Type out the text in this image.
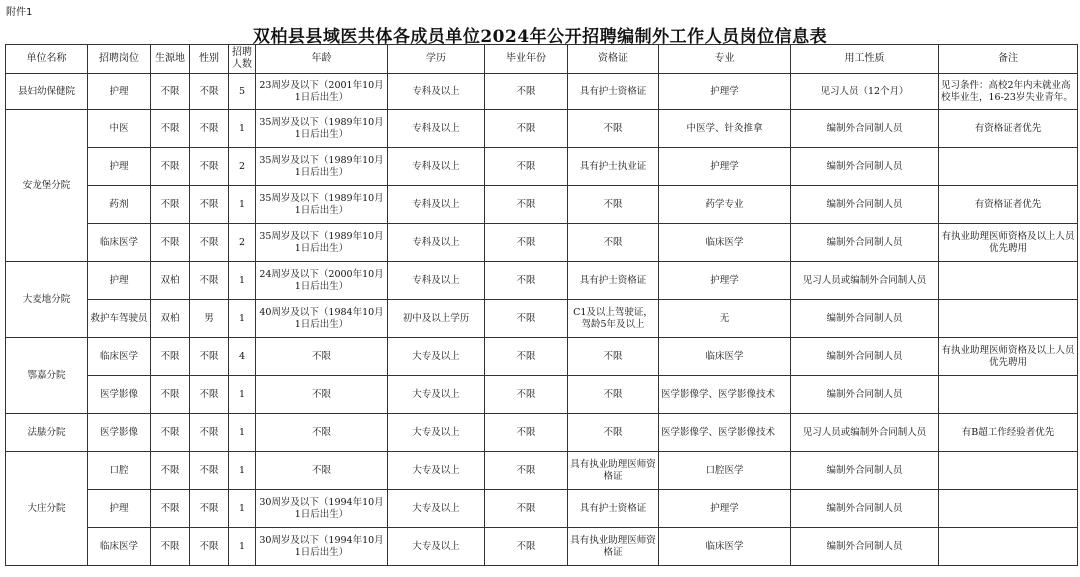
附件1
双柏县县域医共体各成员单位2024年公开招聘编制外工作人员岗位信息表
单位名称	招聘岗位	生源地	性别	招聘人数	年龄	学历	毕业年份	资格证	专业	用工性质	备注
县妇幼保健院	护理	不限	不限	5	23周岁及以下（2001年10月1日后出生）	专科及以上	不限	具有护士资格证	护理学	见习人员（12个月）	见习条件：高校2年内未就业高校毕业生，16-23岁失业青年。
安龙堡分院	中医	不限	不限	1	35周岁及以下（1989年10月1日后出生）	专科及以上	不限	不限	中医学、针灸推拿	编制外合同制人员	有资格证者优先
	护理	不限	不限	2	35周岁及以下（1989年10月1日后出生）	专科及以上	不限	具有护士执业证	护理学	编制外合同制人员	
	药剂	不限	不限	1	35周岁及以下（1989年10月1日后出生）	专科及以上	不限	不限	药学专业	编制外合同制人员	有资格证者优先
	临床医学	不限	不限	2	35周岁及以下（1989年10月1日后出生）	专科及以上	不限	不限	临床医学	编制外合同制人员	有执业助理医师资格及以上人员优先聘用
大麦地分院	护理	双柏	不限	1	24周岁及以下（2000年10月1日后出生）	专科及以上	不限	具有护士资格证	护理学	见习人员或编制外合同制人员	
	救护车驾驶员	双柏	男	1	40周岁及以下（1984年10月1日后出生）	初中及以上学历	不限	C1及以上驾驶证，驾龄5年及以上	无	编制外合同制人员	
鄂嘉分院	临床医学	不限	不限	4	不限	大专及以上	不限	不限	临床医学	编制外合同制人员	有执业助理医师资格及以上人员优先聘用
	医学影像	不限	不限	1	不限	大专及以上	不限	不限	医学影像学、医学影像技术	编制外合同制人员	
法脿分院	医学影像	不限	不限	1	不限	大专及以上	不限	不限	医学影像学、医学影像技术	见习人员或编制外合同制人员	有B超工作经验者优先
大庄分院	口腔	不限	不限	1	不限	大专及以上	不限	具有执业助理医师资格证	口腔医学	编制外合同制人员	
	护理	不限	不限	1	30周岁及以下（1994年10月1日后出生）	大专及以上	不限	具有护士资格证	护理学	编制外合同制人员	
	临床医学	不限	不限	1	30周岁及以下（1994年10月1日后出生）	大专及以上	不限	具有执业助理医师资格证	临床医学	编制外合同制人员	
